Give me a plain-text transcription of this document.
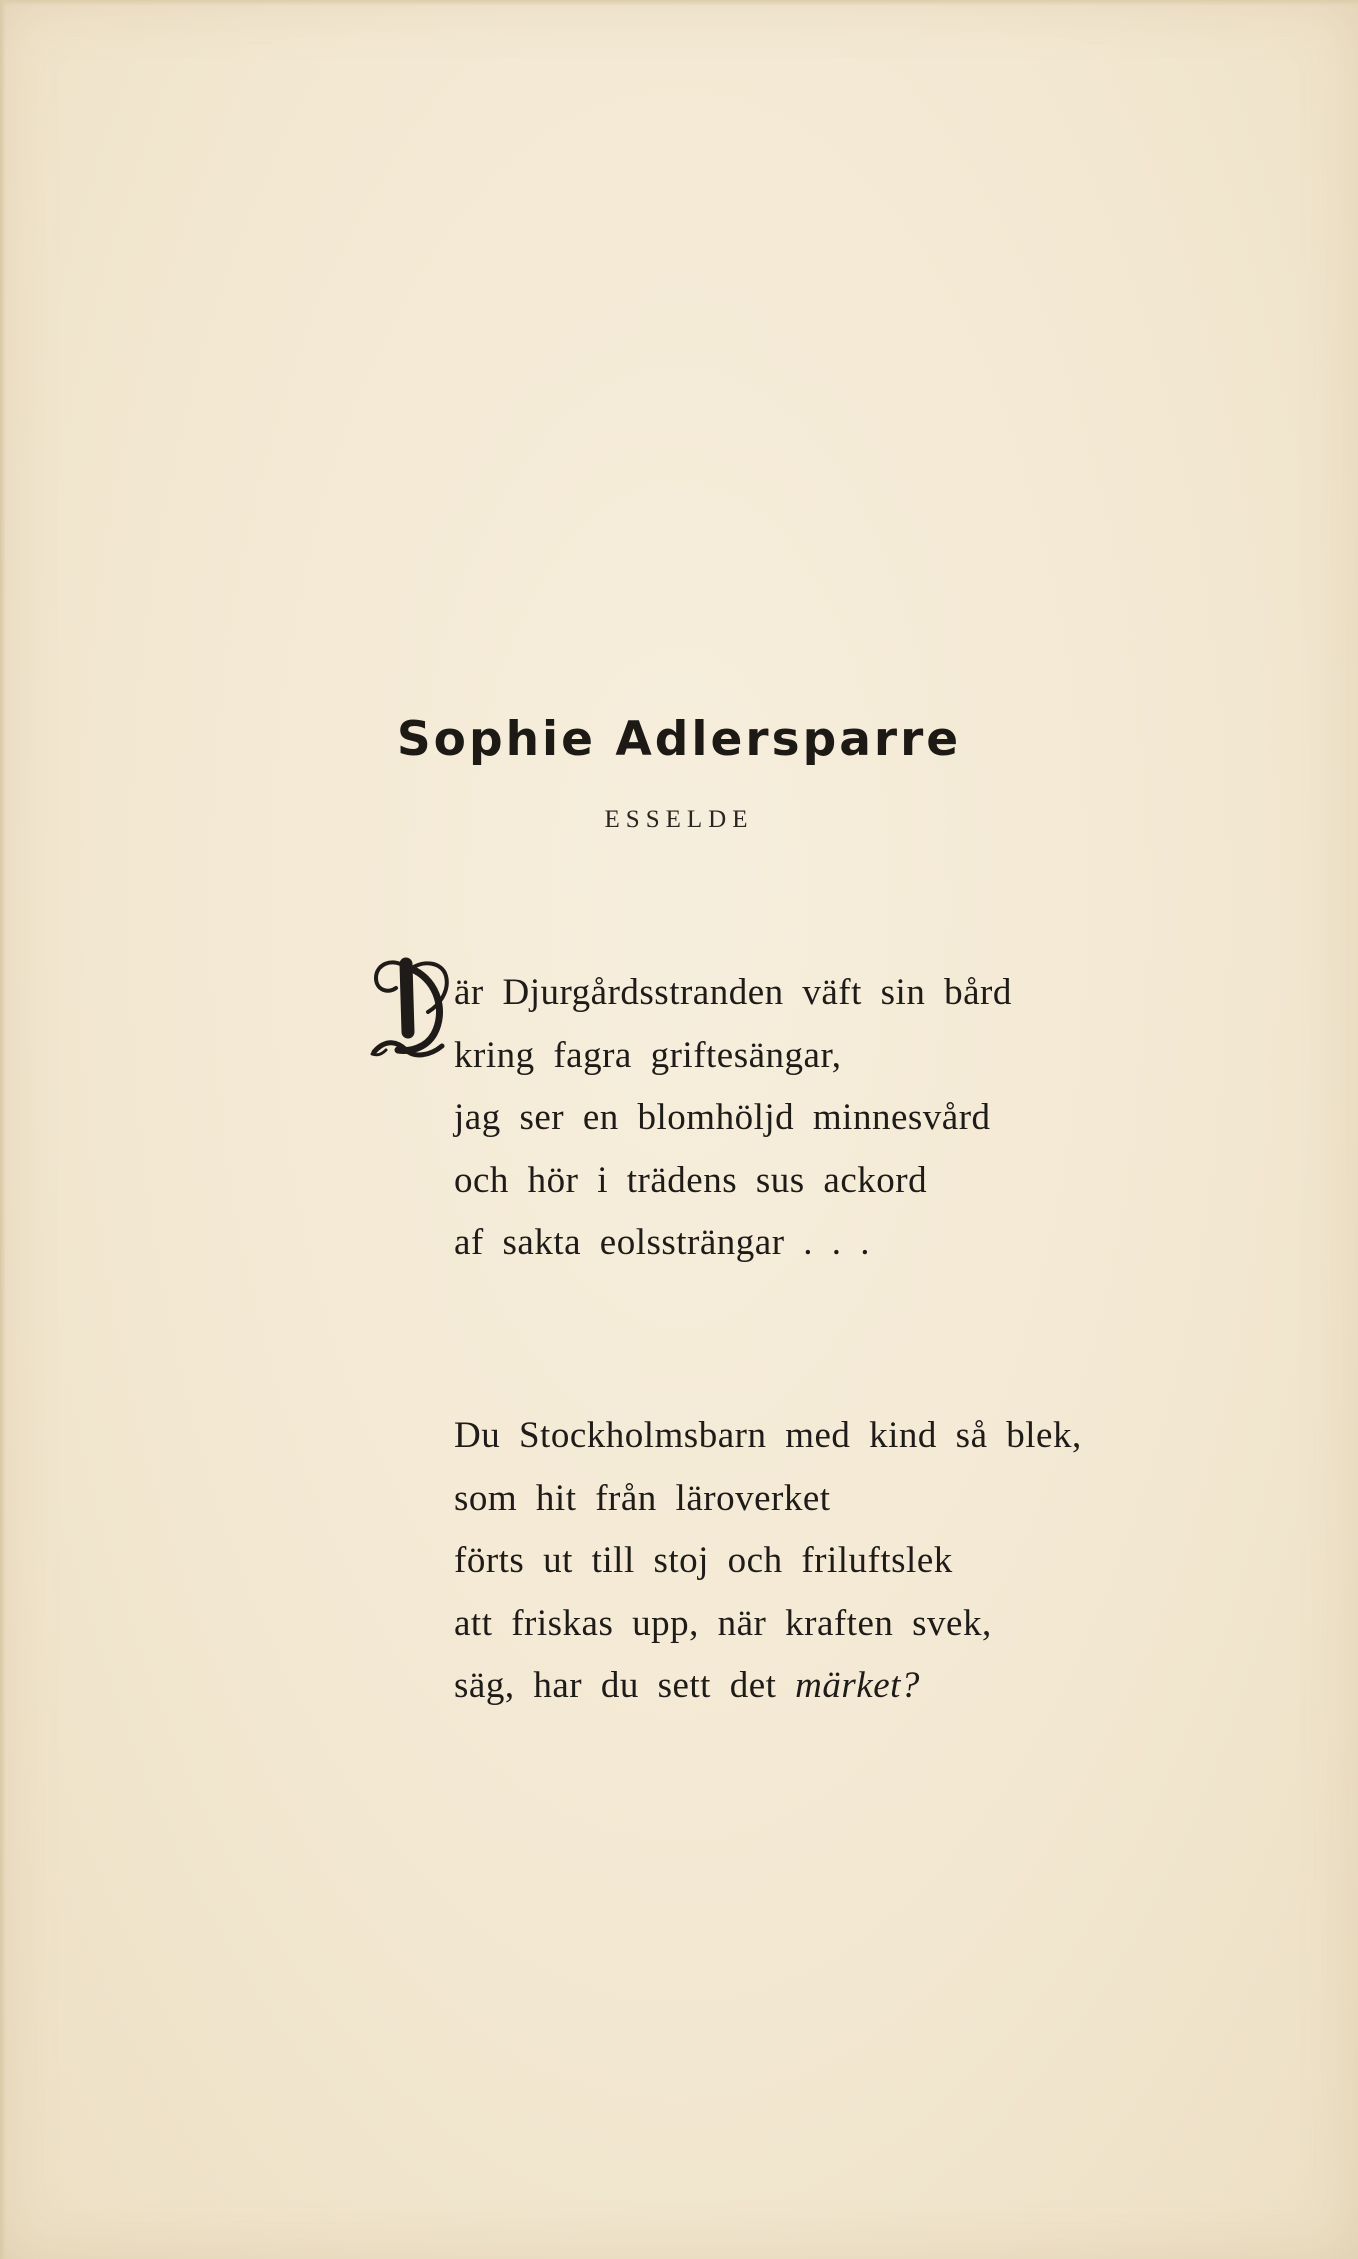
Sophie Adlersparre
ESSELDE
är Djurgårdsstranden väft sin bård
kring fagra griftesängar,
jag ser en blomhöljd minnesvård
och hör i trädens sus ackord
af sakta eolssträngar . . .
Du Stockholmsbarn med kind så blek,
som hit från läroverket
förts ut till stoj och friluftslek
att friskas upp, när kraften svek,
säg, har du sett det märket?
